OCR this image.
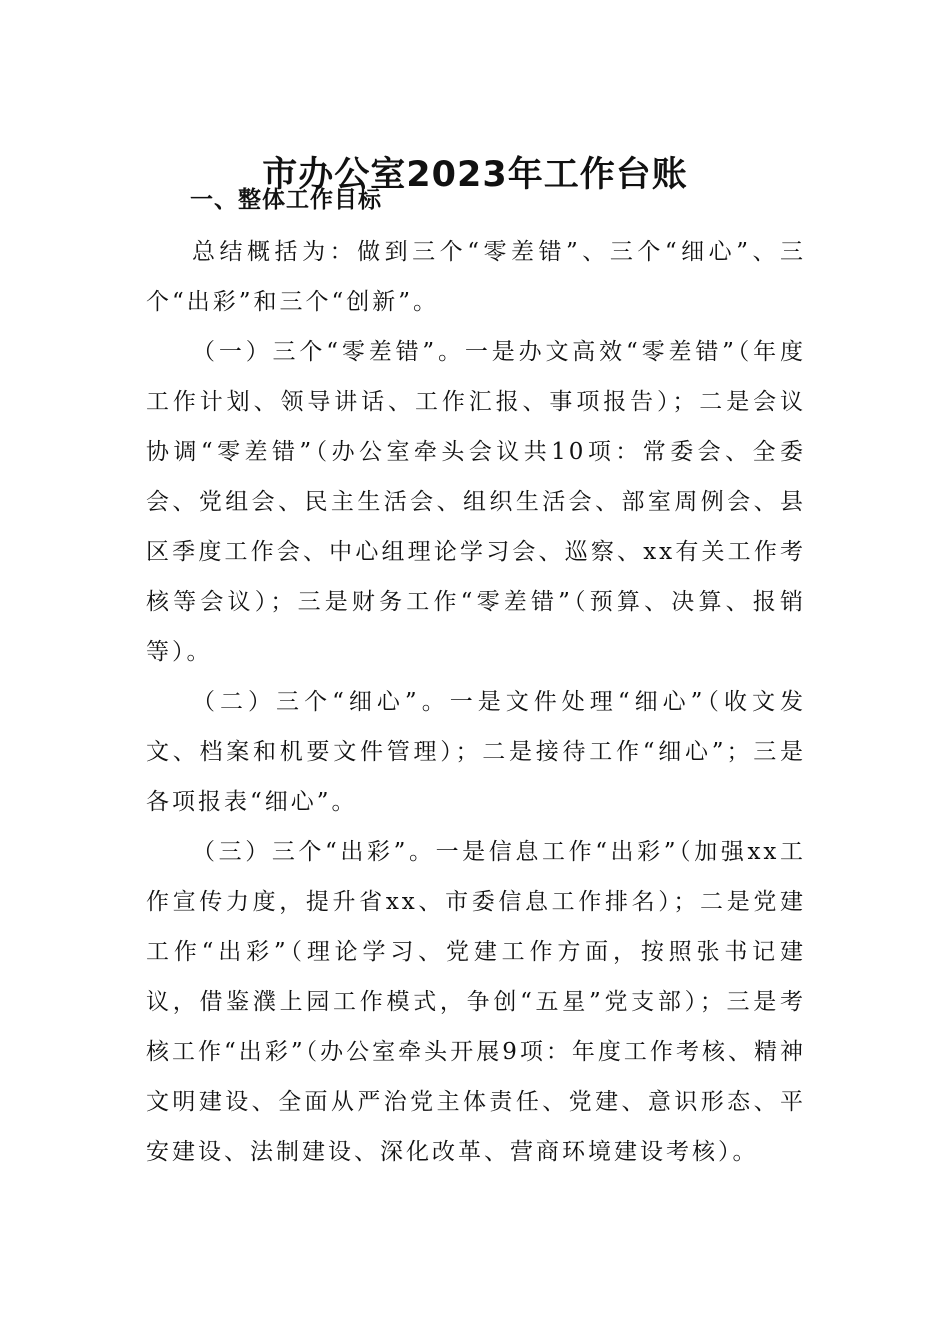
市办公室2023年工作台账
一、整体工作目标

总结概括为：做到三个“零差错”、三个“细心”、三个“出彩”和三个“创新”。

（一）三个“零差错”。一是办文高效“零差错”（年度工作计划、领导讲话、工作汇报、事项报告）；二是会议协调“零差错”（办公室牵头会议共10项：常委会、全委会、党组会、民主生活会、组织生活会、部室周例会、县区季度工作会、中心组理论学习会、巡察、xx有关工作考核等会议）；三是财务工作“零差错”（预算、决算、报销等）。

（二）三个“细心”。一是文件处理“细心”（收文发文、档案和机要文件管理）；二是接待工作“细心”；三是各项报表“细心”。

（三）三个“出彩”。一是信息工作“出彩”（加强xx工作宣传力度，提升省xx、市委信息工作排名）；二是党建工作“出彩”（理论学习、党建工作方面，按照张书记建议，借鉴濮上园工作模式，争创“五星”党支部）；三是考核工作“出彩”（办公室牵头开展9项：年度工作考核、精神文明建设、全面从严治党主体责任、党建、意识形态、平安建设、法制建设、深化改革、营商环境建设考核）。
